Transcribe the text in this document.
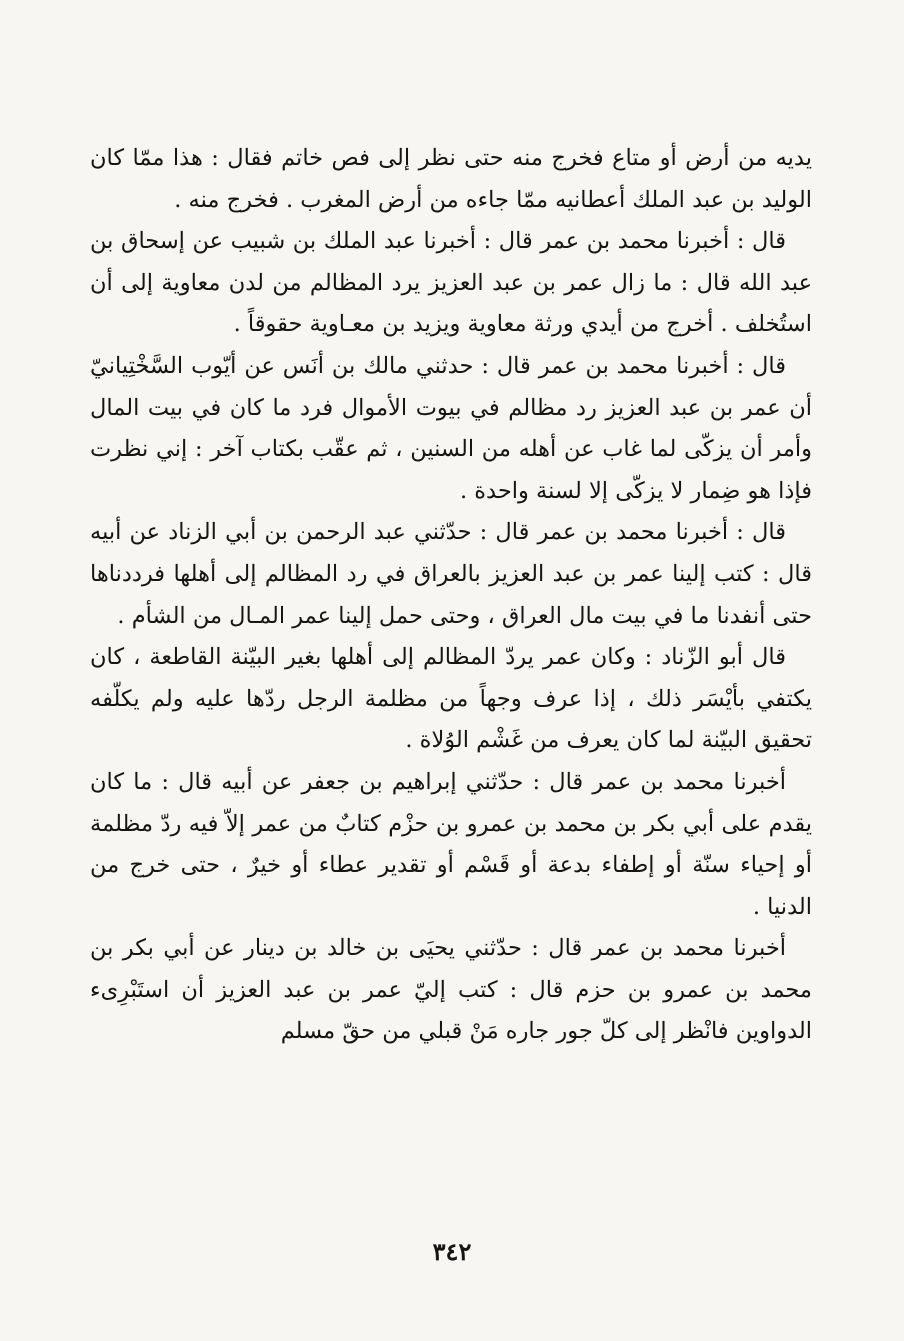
يديه من أرض أو متاع فخرج منه حتى نظر إلى فص خاتم فقال : هذا ممّا كان الوليد بن عبد الملك أعطانيه ممّا جاءه من أرض المغرب . فخرج منه .

قال : أخبرنا محمد بن عمر قال : أخبرنا عبد الملك بن شبيب عن إسحاق بن عبد الله قال : ما زال عمر بن عبد العزيز يرد المظالم من لدن معاوية إلى أن استُخلف . أخرج من أيدي ورثة معاوية ويزيد بن معـاوية حقوقاً .

قال : أخبرنا محمد بن عمر قال : حدثني مالك بن أنَس عن أيّوب السَّخْتِيانيّ أن عمر بن عبد العزيز رد مظالم في بيوت الأموال فرد ما كان في بيت المال وأمر أن يزكّى لما غاب عن أهله من السنين ، ثم عقّب بكتاب آخر : إني نظرت فإذا هو ضِمار لا يزكّى إلا لسنة واحدة .

قال : أخبرنا محمد بن عمر قال : حدّثني عبد الرحمن بن أبي الزناد عن أبيه قال : كتب إلينا عمر بن عبد العزيز بالعراق في رد المظالم إلى أهلها فرددناها حتى أنفدنا ما في بيت مال العراق ، وحتى حمل إلينا عمر المـال من الشأم .

قال أبو الزّناد : وكان عمر يردّ المظالم إلى أهلها بغير البيّنة القاطعة ، كان يكتفي بأيْسَر ذلك ، إذا عرف وجهاً من مظلمة الرجل ردّها عليه ولم يكلّفه تحقيق البيّنة لما كان يعرف من غَشْم الوُلاة .

أخبرنا محمد بن عمر قال : حدّثني إبراهيم بن جعفر عن أبيه قال : ما كان يقدم على أبي بكر بن محمد بن عمرو بن حزْم كتابٌ من عمر إلاّ فيه ردّ مظلمة أو إحياء سنّة أو إطفاء بدعة أو قَسْم أو تقدير عطاء أو خيرٌ ، حتى خرج من الدنيا .

أخبرنا محمد بن عمر قال : حدّثني يحيَى بن خالد بن دينار عن أبي بكر بن محمد بن عمرو بن حزم قال : كتب إليّ عمر بن عبد العزيز أن استَبْرِىء الدواوين فانْظر إلى كلّ جور جاره مَنْ قبلي من حقّ مسلم

٣٤٢
